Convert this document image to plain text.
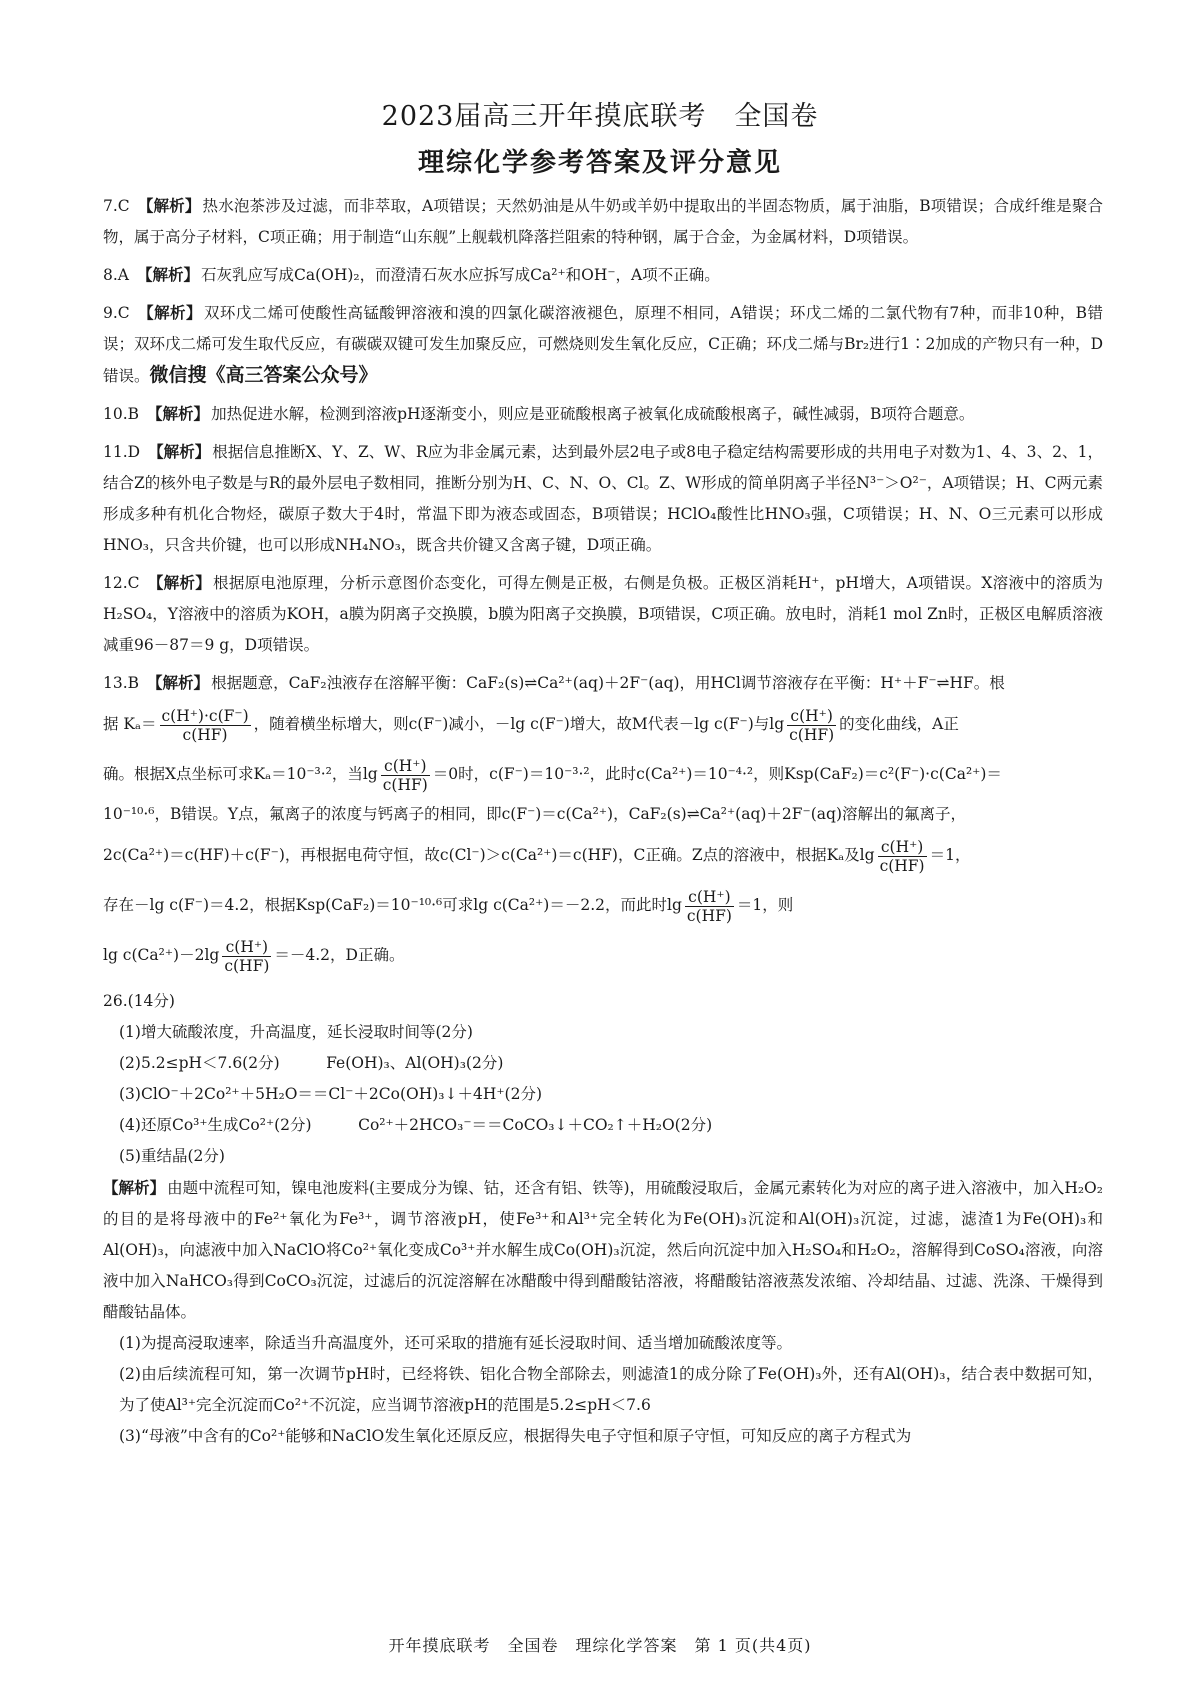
2023届高三开年摸底联考　全国卷
理综化学参考答案及评分意见

7.C 【解析】 热水泡茶涉及过滤，而非萃取，A项错误；天然奶油是从牛奶或羊奶中提取出的半固态物质，属于油脂，B项错误；合成纤维是聚合物，属于高分子材料，C项正确；用于制造“山东舰”上舰载机降落拦阻索的特种钢，属于合金，为金属材料，D项错误。

8.A 【解析】 石灰乳应写成Ca(OH)₂，而澄清石灰水应拆写成Ca²⁺和OH⁻，A项不正确。

9.C 【解析】 双环戊二烯可使酸性高锰酸钾溶液和溴的四氯化碳溶液褪色，原理不相同，A错误；环戊二烯的二氯代物有7种，而非10种，B错误；双环戊二烯可发生取代反应，有碳碳双键可发生加聚反应，可燃烧则发生氧化反应，C正确；环戊二烯与Br₂进行1∶2加成的产物只有一种，D错误。微信搜《高三答案公众号》

10.B 【解析】 加热促进水解，检测到溶液pH逐渐变小，则应是亚硫酸根离子被氧化成硫酸根离子，碱性减弱，B项符合题意。

11.D 【解析】 根据信息推断X、Y、Z、W、R应为非金属元素，达到最外层2电子或8电子稳定结构需要形成的共用电子对数为1、4、3、2、1，结合Z的核外电子数是与R的最外层电子数相同，推断分别为H、C、N、O、Cl。Z、W形成的简单阴离子半径N³⁻＞O²⁻，A项错误；H、C两元素形成多种有机化合物烃，碳原子数大于4时，常温下即为液态或固态，B项错误；HClO₄酸性比HNO₃强，C项错误；H、N、O三元素可以形成HNO₃，只含共价键，也可以形成NH₄NO₃，既含共价键又含离子键，D项正确。

12.C 【解析】 根据原电池原理，分析示意图价态变化，可得左侧是正极，右侧是负极。正极区消耗H⁺，pH增大，A项错误。X溶液中的溶质为H₂SO₄，Y溶液中的溶质为KOH，a膜为阴离子交换膜，b膜为阳离子交换膜，B项错误，C项正确。放电时，消耗1 mol Zn时，正极区电解质溶液减重96－87＝9 g，D项错误。

13.B 【解析】 根据题意，CaF₂浊液存在溶解平衡：CaF₂(s)⇌Ca²⁺(aq)＋2F⁻(aq)，用HCl调节溶液存在平衡：H⁺＋F⁻⇌HF。根

据 $K_a= \frac{c(H^+)\cdot c(F^-)}{c(HF)}$ ，随着横坐标增大，则c(F⁻)减小，－lg c(F⁻)增大，故M代表－lg c(F⁻)与$\lg \frac{c(H^+)}{c(HF)}$ 的变化曲线，A正

确。根据X点坐标可求Kₐ＝10⁻³·²，当$\lg \frac{c(H^+)}{c(HF)} =0$时，c(F⁻)＝10⁻³·²，此时c(Ca²⁺)＝10⁻⁴·²，则Ksp(CaF₂)＝c²(F⁻)·c(Ca²⁺)＝

10⁻¹⁰·⁶，B错误。Y点，氟离子的浓度与钙离子的相同，即c(F⁻)＝c(Ca²⁺)，CaF₂(s)⇌Ca²⁺(aq)＋2F⁻(aq)溶解出的氟离子，

2c(Ca²⁺)＝c(HF)＋c(F⁻)，再根据电荷守恒，故c(Cl⁻)＞c(Ca²⁺)＝c(HF)，C正确。Z点的溶液中，根据Kₐ及$\lg \frac{c(H^+)}{c(HF)} =1$，

存在－lg c(F⁻)＝4.2，根据Ksp(CaF₂)＝10⁻¹⁰·⁶可求lg c(Ca²⁺)＝－2.2，而此时$\lg \frac{c(H^+)}{c(HF)} =1$，则

$\lg c(Ca^{2+})-2\lg \frac{c(H^+)}{c(HF)} =-4.2$，D正确。

26.(14分)

(1)增大硫酸浓度，升高温度，延长浸取时间等(2分)

(2)5.2≤pH＜7.6(2分)　　　Fe(OH)₃、Al(OH)₃(2分)

(3)ClO⁻＋2Co²⁺＋5H₂O＝＝Cl⁻＋2Co(OH)₃↓＋4H⁺(2分)

(4)还原Co³⁺生成Co²⁺(2分)　　　Co²⁺＋2HCO₃⁻＝＝CoCO₃↓＋CO₂↑＋H₂O(2分)

(5)重结晶(2分)

【解析】 由题中流程可知，镍电池废料(主要成分为镍、钴，还含有铝、铁等)，用硫酸浸取后，金属元素转化为对应的离子进入溶液中，加入H₂O₂的目的是将母液中的Fe²⁺氧化为Fe³⁺，调节溶液pH，使Fe³⁺和Al³⁺完全转化为Fe(OH)₃沉淀和Al(OH)₃沉淀，过滤，滤渣1为Fe(OH)₃和Al(OH)₃，向滤液中加入NaClO将Co²⁺氧化变成Co³⁺并水解生成Co(OH)₃沉淀，然后向沉淀中加入H₂SO₄和H₂O₂，溶解得到CoSO₄溶液，向溶液中加入NaHCO₃得到CoCO₃沉淀，过滤后的沉淀溶解在冰醋酸中得到醋酸钴溶液，将醋酸钴溶液蒸发浓缩、冷却结晶、过滤、洗涤、干燥得到醋酸钴晶体。

(1)为提高浸取速率，除适当升高温度外，还可采取的措施有延长浸取时间、适当增加硫酸浓度等。

(2)由后续流程可知，第一次调节pH时，已经将铁、铝化合物全部除去，则滤渣1的成分除了Fe(OH)₃外，还有Al(OH)₃，结合表中数据可知，为了使Al³⁺完全沉淀而Co²⁺不沉淀，应当调节溶液pH的范围是5.2≤pH＜7.6

(3)“母液”中含有的Co²⁺能够和NaClO发生氧化还原反应，根据得失电子守恒和原子守恒，可知反应的离子方程式为

开年摸底联考　全国卷　理综化学答案　第 1 页(共4页)
